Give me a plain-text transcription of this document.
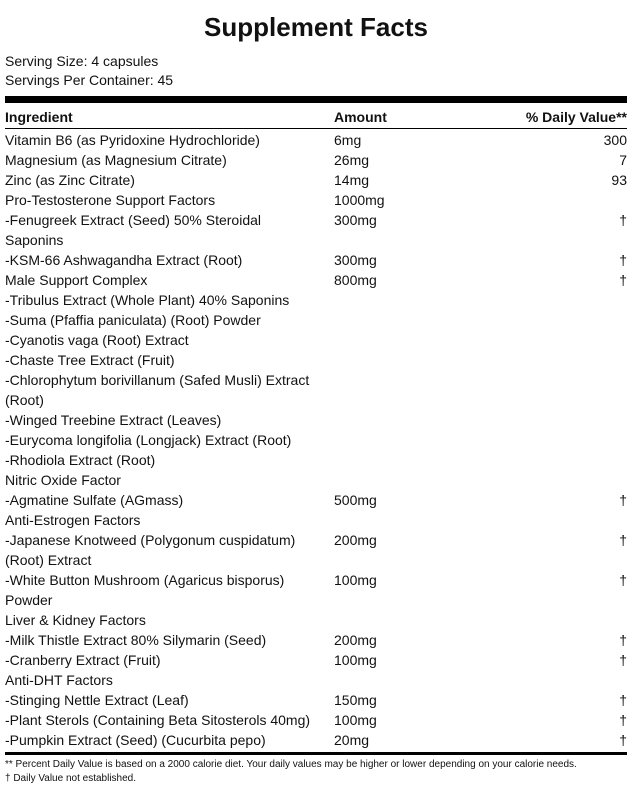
Supplement Facts
Serving Size: 4 capsules
Servings Per Container: 45
Ingredient	Amount	% Daily Value**
Vitamin B6 (as Pyridoxine Hydrochloride)	6mg	300
Magnesium (as Magnesium Citrate)	26mg	7
Zinc (as Zinc Citrate)	14mg	93
Pro-Testosterone Support Factors	1000mg
-Fenugreek Extract (Seed) 50% Steroidal	300mg	†
Saponins
-KSM-66 Ashwagandha Extract (Root)	300mg	†
Male Support Complex	800mg	†
-Tribulus Extract (Whole Plant) 40% Saponins
-Suma (Pfaffia paniculata) (Root) Powder
-Cyanotis vaga (Root) Extract
-Chaste Tree Extract (Fruit)
-Chlorophytum borivillanum (Safed Musli) Extract
(Root)
-Winged Treebine Extract (Leaves)
-Eurycoma longifolia (Longjack) Extract (Root)
-Rhodiola Extract (Root)
Nitric Oxide Factor
-Agmatine Sulfate (AGmass)	500mg	†
Anti-Estrogen Factors
-Japanese Knotweed (Polygonum cuspidatum)	200mg	†
(Root) Extract
-White Button Mushroom (Agaricus bisporus)	100mg	†
Powder
Liver & Kidney Factors
-Milk Thistle Extract 80% Silymarin (Seed)	200mg	†
-Cranberry Extract (Fruit)	100mg	†
Anti-DHT Factors
-Stinging Nettle Extract (Leaf)	150mg	†
-Plant Sterols (Containing Beta Sitosterols 40mg)	100mg	†
-Pumpkin Extract (Seed) (Cucurbita pepo)	20mg	†
** Percent Daily Value is based on a 2000 calorie diet. Your daily values may be higher or lower depending on your calorie needs.
† Daily Value not established.
